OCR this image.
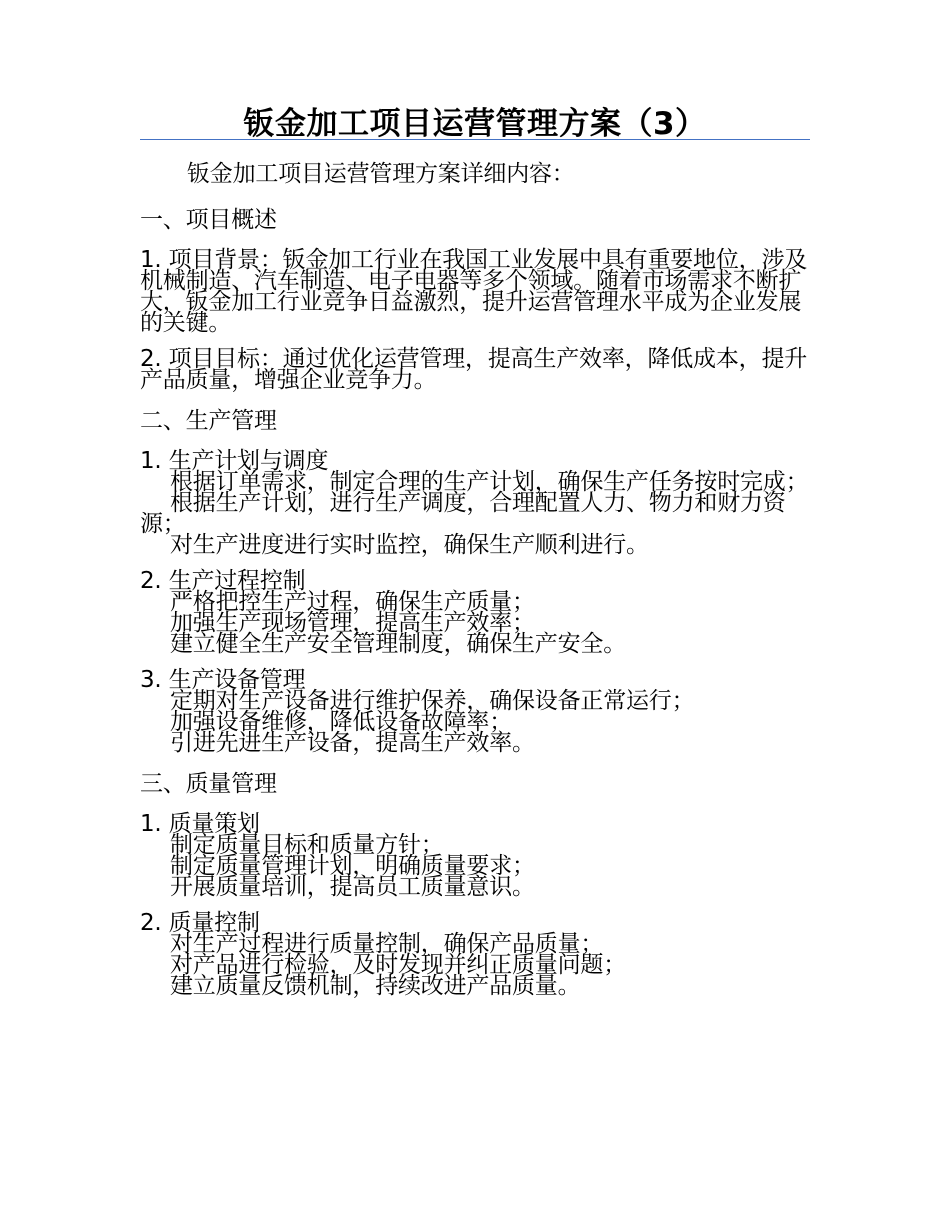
钣金加工项目运营管理方案（3）
钣金加工项目运营管理方案详细内容：
一、项目概述
1. 项目背景：钣金加工行业在我国工业发展中具有重要地位，涉及机械制造、汽车制造、电子电器等多个领域。随着市场需求不断扩大，钣金加工行业竞争日益激烈，提升运营管理水平成为企业发展的关键。
2. 项目目标：通过优化运营管理，提高生产效率，降低成本，提升产品质量，增强企业竞争力。
二、生产管理
1. 生产计划与调度
根据订单需求，制定合理的生产计划，确保生产任务按时完成；
根据生产计划，进行生产调度，合理配置人力、物力和财力资源；
对生产进度进行实时监控，确保生产顺利进行。
2. 生产过程控制
严格把控生产过程，确保生产质量；
加强生产现场管理，提高生产效率；
建立健全生产安全管理制度，确保生产安全。
3. 生产设备管理
定期对生产设备进行维护保养，确保设备正常运行；
加强设备维修，降低设备故障率；
引进先进生产设备，提高生产效率。
三、质量管理
1. 质量策划
制定质量目标和质量方针；
制定质量管理计划，明确质量要求；
开展质量培训，提高员工质量意识。
2. 质量控制
对生产过程进行质量控制，确保产品质量；
对产品进行检验，及时发现并纠正质量问题；
建立质量反馈机制，持续改进产品质量。
